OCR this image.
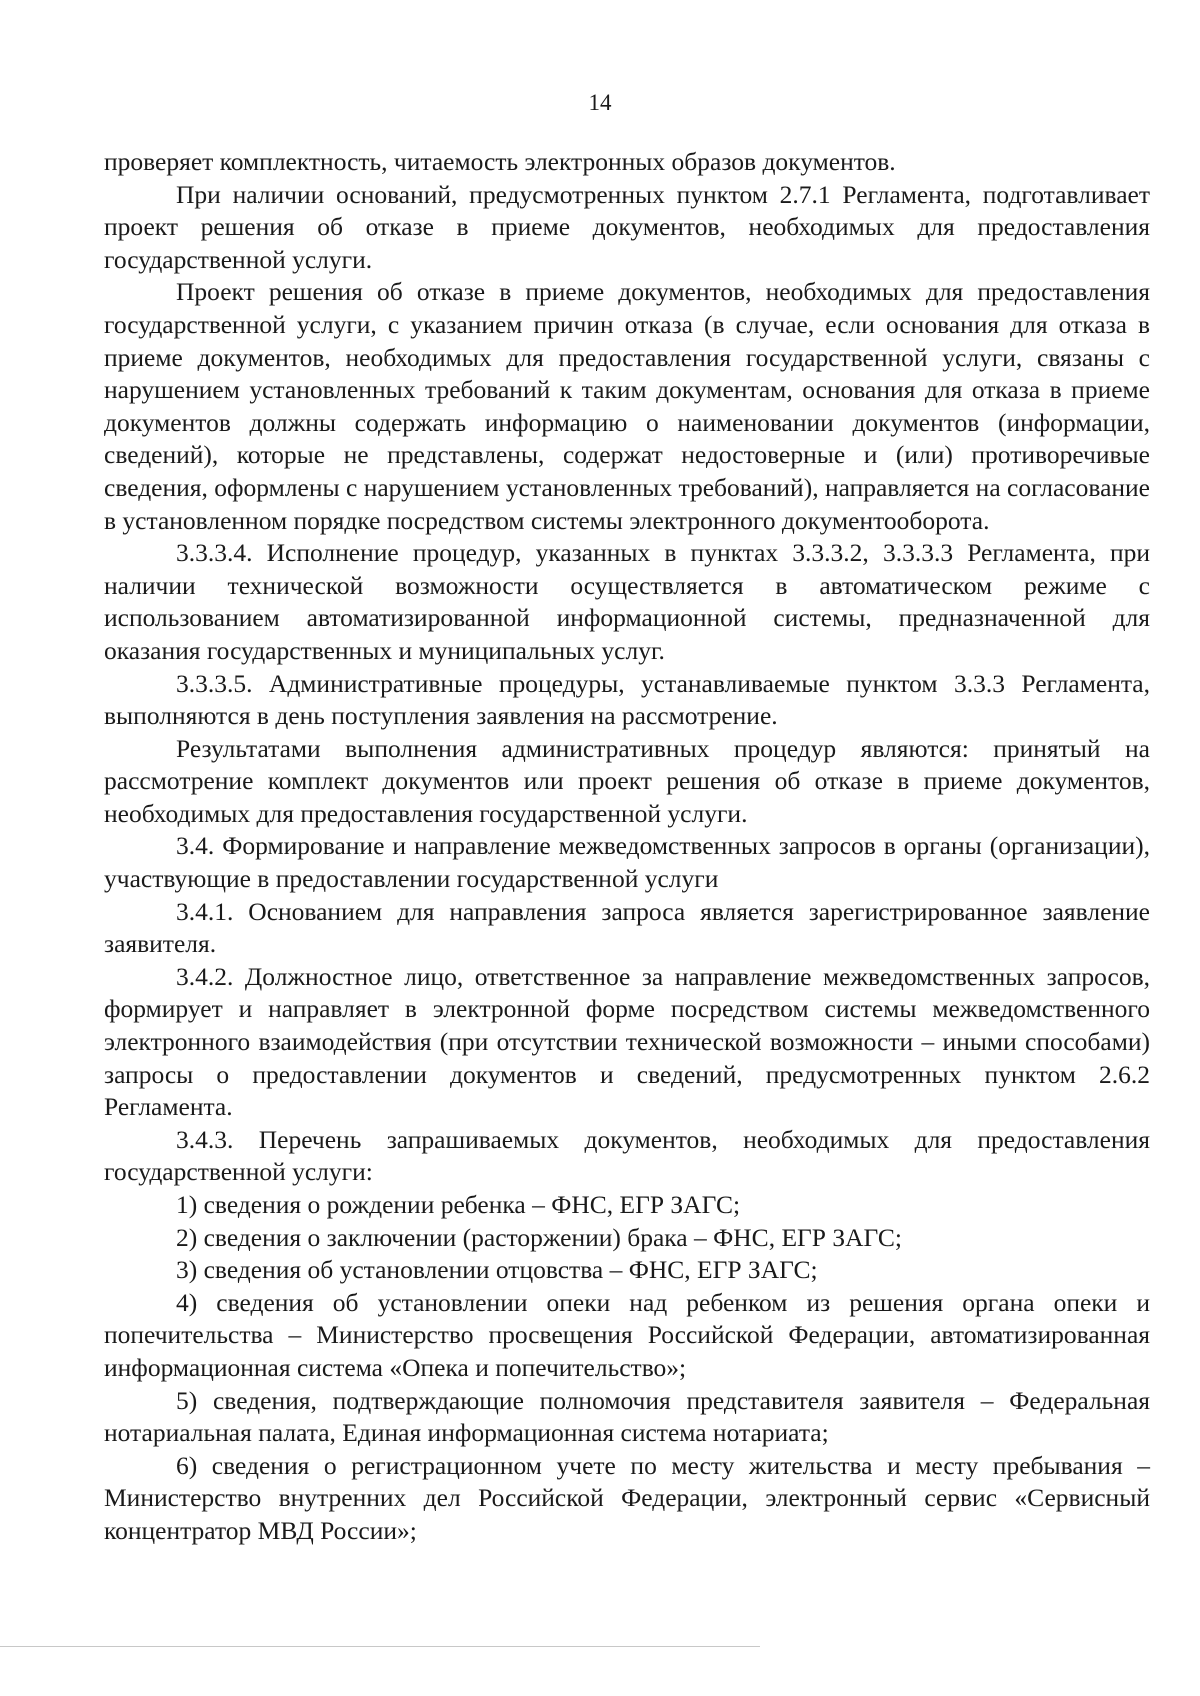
14

проверяет комплектность, читаемость электронных образов документов.

При наличии оснований, предусмотренных пунктом 2.7.1 Регламента, подготавливает проект решения об отказе в приеме документов, необходимых для предоставления государственной услуги.

Проект решения об отказе в приеме документов, необходимых для предоставления государственной услуги, с указанием причин отказа (в случае, если основания для отказа в приеме документов, необходимых для предоставления государственной услуги, связаны с нарушением установленных требований к таким документам, основания для отказа в приеме документов должны содержать информацию о наименовании документов (информации, сведений), которые не представлены, содержат недостоверные и (или) противоречивые сведения, оформлены с нарушением установленных требований), направляется на согласование в установленном порядке посредством системы электронного документооборота.

3.3.3.4. Исполнение процедур, указанных в пунктах 3.3.3.2, 3.3.3.3 Регламента, при наличии технической возможности осуществляется в автоматическом режиме с использованием автоматизированной информационной системы, предназначенной для оказания государственных и муниципальных услуг.

3.3.3.5. Административные процедуры, устанавливаемые пунктом 3.3.3 Регламента, выполняются в день поступления заявления на рассмотрение.

Результатами выполнения административных процедур являются: принятый на рассмотрение комплект документов или проект решения об отказе в приеме документов, необходимых для предоставления государственной услуги.

3.4. Формирование и направление межведомственных запросов в органы (организации), участвующие в предоставлении государственной услуги

3.4.1. Основанием для направления запроса является зарегистрированное заявление заявителя.

3.4.2. Должностное лицо, ответственное за направление межведомственных запросов, формирует и направляет в электронной форме посредством системы межведомственного электронного взаимодействия (при отсутствии технической возможности – иными способами) запросы о предоставлении документов и сведений, предусмотренных пунктом 2.6.2 Регламента.

3.4.3. Перечень запрашиваемых документов, необходимых для предоставления государственной услуги:

1) сведения о рождении ребенка – ФНС, ЕГР ЗАГС;

2) сведения о заключении (расторжении) брака – ФНС, ЕГР ЗАГС;

3) сведения об установлении отцовства – ФНС, ЕГР ЗАГС;

4) сведения об установлении опеки над ребенком из решения органа опеки и попечительства – Министерство просвещения Российской Федерации, автоматизированная информационная система «Опека и попечительство»;

5) сведения, подтверждающие полномочия представителя заявителя – Федеральная нотариальная палата, Единая информационная система нотариата;

6) сведения о регистрационном учете по месту жительства и месту пребывания – Министерство внутренних дел Российской Федерации, электронный сервис «Сервисный концентратор МВД России»;
